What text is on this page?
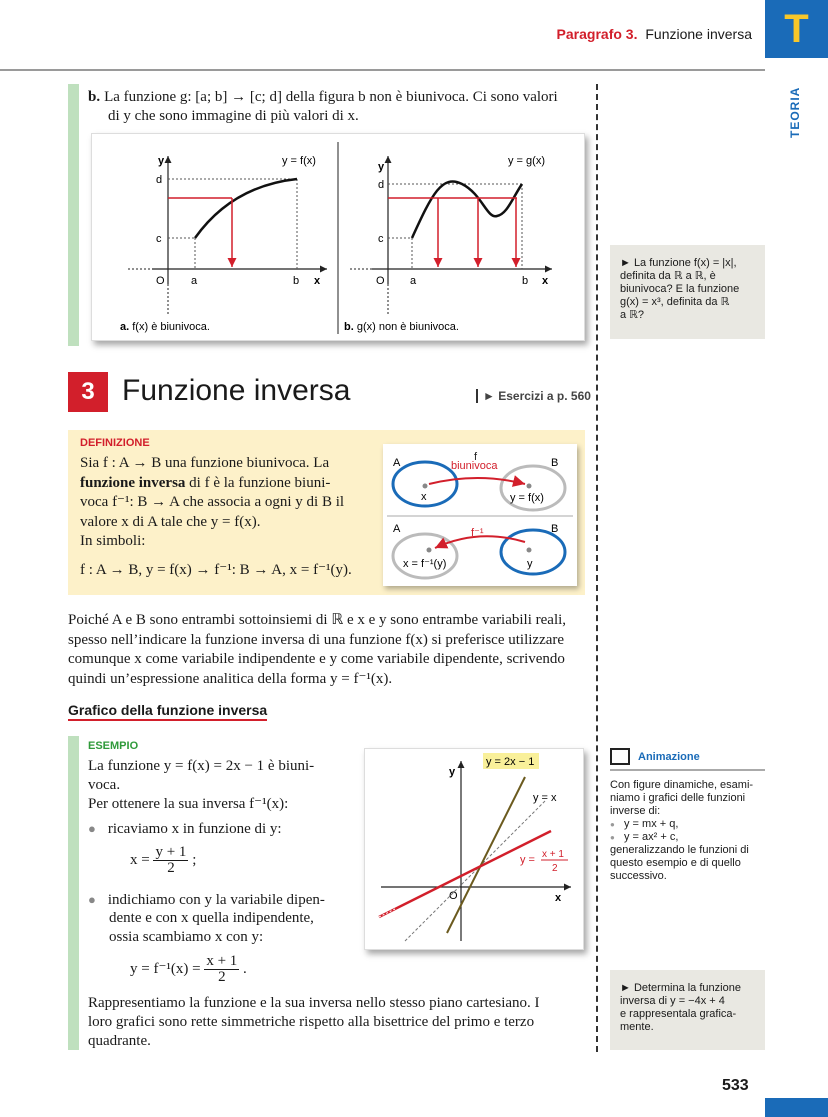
Paragrafo 3. Funzione inversa T
TEORIA
b. La funzione g: [a; b] → [c; d] della figura b non è biunivoca. Ci sono valori
di y che sono immagine di più valori di x.
y = f(x)
y
x
O a	b
c
d
a. f(x) è biunivoca.
y = g(x)
y
x
O a	b
c
d
b. g(x) non è biunivoca.
► La funzione f(x) = |x|,
definita da ℝ a ℝ, è
biunivoca? E la funzione
g(x) = x³, definita da ℝ
a ℝ?
3 Funzione inversa	► Esercizi a p. 560
DEFINIZIONE
Sia f : A → B una funzione biunivoca. La
funzione inversa di f è la funzione biuni-
voca f⁻¹: B → A che associa a ogni y di B il
valore x di A tale che y = f(x).
In simboli:
f : A → B, y = f(x) → f⁻¹: B → A, x = f⁻¹(y).
A	B
f
biunivoca
x	y = f(x)
A	B
f⁻¹
x = f⁻¹(y)	y
Poiché A e B sono entrambi sottoinsiemi di ℝ e x e y sono entrambe variabili reali,
spesso nell’indicare la funzione inversa di una funzione f(x) si preferisce utilizzare
comunque x come variabile indipendente e y come variabile dipendente, scrivendo
quindi un’espressione analitica della forma y = f⁻¹(x).
Grafico della funzione inversa
ESEMPIO
La funzione y = f(x) = 2x − 1 è biuni-
voca.
Per ottenere la sua inversa f⁻¹(x):
● ricaviamo x in funzione di y:
$x = \frac{y + 1}{2}$ ;
● indichiamo con y la variabile dipen-
dente e con x quella indipendente,
ossia scambiamo x con y:
$y = f^{-1}(x) = \frac{x + 1}{2}$ .
y = 2x − 1
y = x
y = x + 1
2
y
x
O
Rappresentiamo la funzione e la sua inversa nello stesso piano cartesiano. I
loro grafici sono rette simmetriche rispetto alla bisettrice del primo e terzo
quadrante.
Animazione
Con figure dinamiche, esami-
niamo i grafici delle funzioni
inverse di:
● y = mx + q,
● y = ax² + c,
generalizzando le funzioni di
questo esempio e di quello
successivo.
► Determina la funzione
inversa di y = −4x + 4
e rappresentala grafica-
mente.
533
